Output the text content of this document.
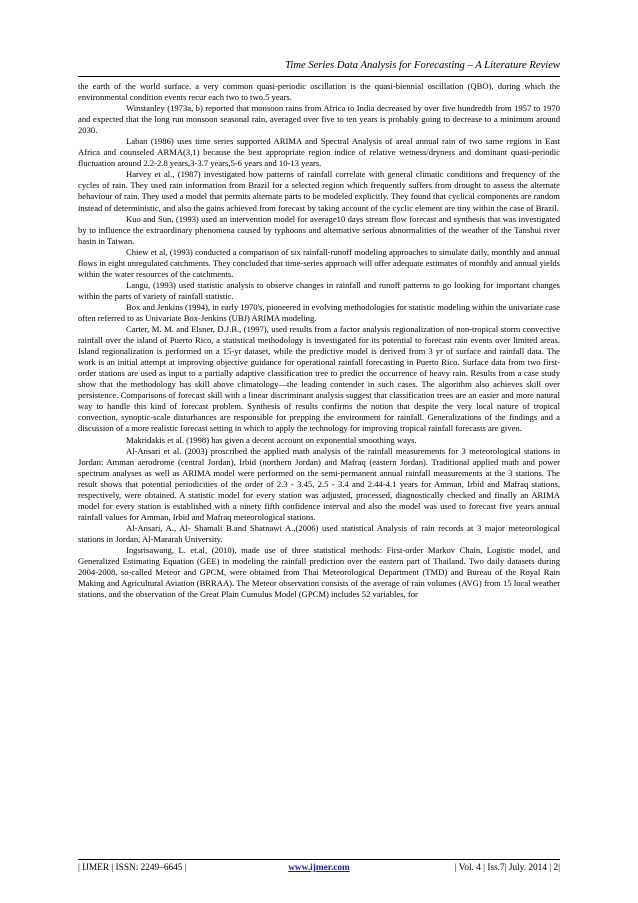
Time Series Data Analysis for Forecasting – A Literature Review

the earth of the world surface. a very common quasi-periodic oscillation is the quasi-biennial oscillation (QBO), during which the environmental condition events recur each two to two.5 years.

Winstanley (1973a, b) reported that monsoon rains from Africa to India decreased by over five hundredth from 1957 to 1970 and expected that the long run monsoon seasonal rain, averaged over five to ten years is probably going to decrease to a minimum around 2030.

Laban (1986) uses time series supported ARIMA and Spectral Analysis of areal annual rain of two same regions in East Africa and counseled ARMA(3,1) because the best appropriate region indice of relative wetness/dryness and dominant quasi-periodic fluctuation around 2.2-2.8 years,3-3.7 years,5-6 years and 10-13 years.

Harvey et al., (1987) investigated how patterns of rainfall correlate with general climatic conditions and frequency of the cycles of rain. They used rain information from Brazil for a selected region which frequently suffers from drought to assess the alternate behaviour of rain. They used a model that permits alternate parts to be modeled explicitly. They found that cyclical components are random instead of deterministic, and also the gains achieved from forecast by taking account of the cyclic element are tiny within the case of Brazil.

Kuo and Sun, (1993) used an intervention model for average10 days stream flow forecast and synthesis that was investigated by to influence the extraordinary phenomena caused by typhoons and alternative serious abnormalities of the weather of the Tanshui river basin in Taiwan.

Chiew et al, (1993) conducted a comparison of six rainfall-runoff modeling approaches to simulate daily, monthly and annual flows in eight unregulated catchments. They concluded that time-series approach will offer adequate estimates of monthly and annual yields within the water resources of the catchments.

Langu, (1993) used statistic analysis to observe changes in rainfall and runoff patterns to go looking for important changes within the parts of variety of rainfall statistic.

Box and Jenkins (1994), in early 1970's, pioneered in evolving methodologies for statistic modeling within the univariate case often referred to as Univariate Box-Jenkins (UBJ) ARIMA modeling.

Carter, M. M. and Elsner, D.J.B., (1997), used results from a factor analysis regionalization of non-tropical storm convective rainfall over the island of Puerto Rico, a statistical methodology is investigated for its potential to forecast rain events over limited areas. Island regionalization is performed on a 15-yr dataset, while the predictive model is derived from 3 yr of surface and rainfall data. The work is an initial attempt at improving objective guidance for operational rainfall forecasting in Puerto Rico. Surface data from two first-order stations are used as input to a partially adaptive classification tree to predict the occurrence of heavy rain. Results from a case study show that the methodology has skill above climatology—the leading contender in such cases. The algorithm also achieves skill over persistence. Comparisons of forecast skill with a linear discriminant analysis suggest that classification trees are an easier and more natural way to handle this kind of forecast problem. Synthesis of results confirms the notion that despite the very local nature of tropical convection, synoptic-scale disturbances are responsible for prepping the environment for rainfall. Generalizations of the findings and a discussion of a more realistic forecast setting in which to apply the technology for improving tropical rainfall forecasts are given.

Makridakis et al. (1998) has given a decent account on exponential smoothing ways.

Al-Ansari et al. (2003) proscribed the applied math analysis of the rainfall measurements for 3 meteorological stations in Jordan: Amman aerodrome (central Jordan), Irbid (northern Jordan) and Mafraq (eastern Jordan). Traditional applied math and power spectrum analyses as well as ARIMA model were performed on the semi-permanent annual rainfall measurements at the 3 stations. The result shows that potential periodicities of the order of 2.3 - 3.45, 2.5 - 3.4 and 2.44-4.1 years for Amman, Irbid and Mafraq stations, respectively, were obtained. A statistic model for every station was adjusted, processed, diagnostically checked and finally an ARIMA model for every station is established with a ninety fifth confidence interval and also the model was used to forecast five years annual rainfall values for Amman, Irbid and Mafraq meteorological stations.

Al-Ansari, A., Al- Shamali B.and Shatnawi A.,(2006) used statistical Analysis of rain records at 3 major meteorological stations in Jordan, Al-Mararah University.

Ingsrisawang, L. et.al, (2010), made use of three statistical methods: First-order Markov Chain, Logistic model, and Generalized Estimating Equation (GEE) in modeling the rainfall prediction over the eastern part of Thailand. Two daily datasets during 2004-2008, so-called Meteor and GPCM, were obtained from Thai Meteorological Department (TMD) and Bureau of the Royal Rain Making and Agricultural Aviation (BRRAA). The Meteor observation consists of the average of rain volumes (AVG) from 15 local weather stations, and the observation of the Great Plain Cumulus Model (GPCM) includes 52 variables, for

| IJMER | ISSN: 2249–6645 |	www.ijmer.com	| Vol. 4 | Iss.7| July. 2014 | 2|
